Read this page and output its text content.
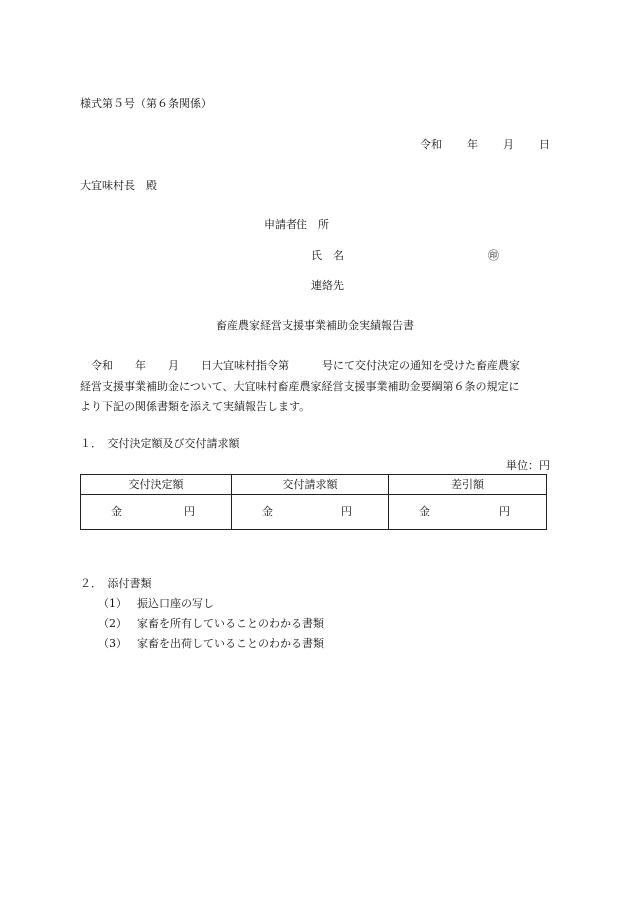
様式第５号（第６条関係）
令和 年 月 日
大宜味村長　殿
申請者 住　所
氏　名	㊞
連絡先
畜産農家経営支援事業補助金実績報告書
　令和　　年　　月　　日大宜味村指令第　　　号にて交付決定の通知を受けた畜産農家
経営支援事業補助金について、大宜味村畜産農家経営支援事業補助金要綱第６条の規定に
より下記の関係書類を添えて実績報告します。
１．　交付決定額及び交付請求額
単位：円
交付決定額	交付請求額	差引額

金 円	金 円	金 円
２．　添付書類
（1） 振込口座の写し
（2） 家畜を所有していることのわかる書類
（3） 家畜を出荷していることのわかる書類
